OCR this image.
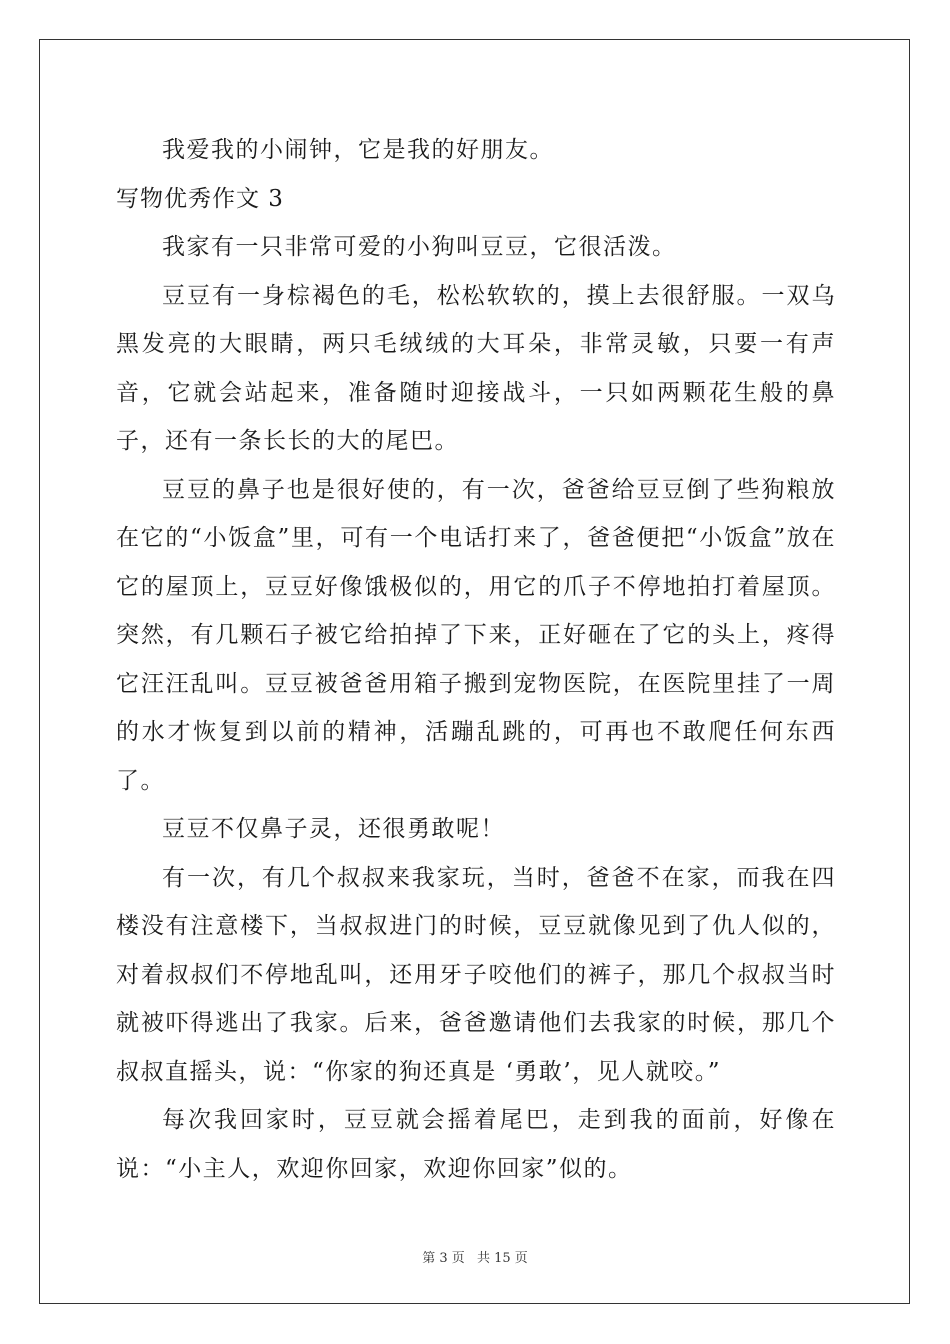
我爱我的小闹钟，它是我的好朋友。

写物优秀作文 3

我家有一只非常可爱的小狗叫豆豆，它很活泼。

豆豆有一身棕褐色的毛，松松软软的，摸上去很舒服。一双乌黑发亮的大眼睛，两只毛绒绒的大耳朵，非常灵敏，只要一有声音，它就会站起来，准备随时迎接战斗，一只如两颗花生般的鼻子，还有一条长长的大的尾巴。

豆豆的鼻子也是很好使的，有一次，爸爸给豆豆倒了些狗粮放在它的“小饭盒”里，可有一个电话打来了，爸爸便把“小饭盒”放在它的屋顶上，豆豆好像饿极似的，用它的爪子不停地拍打着屋顶。突然，有几颗石子被它给拍掉了下来，正好砸在了它的头上，疼得它汪汪乱叫。豆豆被爸爸用箱子搬到宠物医院，在医院里挂了一周的水才恢复到以前的精神，活蹦乱跳的，可再也不敢爬任何东西了。

豆豆不仅鼻子灵，还很勇敢呢！

有一次，有几个叔叔来我家玩，当时，爸爸不在家，而我在四楼没有注意楼下，当叔叔进门的时候，豆豆就像见到了仇人似的，对着叔叔们不停地乱叫，还用牙子咬他们的裤子，那几个叔叔当时就被吓得逃出了我家。后来，爸爸邀请他们去我家的时候，那几个叔叔直摇头，说：“你家的狗还真是 ‘勇敢’，见人就咬。”

每次我回家时，豆豆就会摇着尾巴，走到我的面前，好像在说：“小主人，欢迎你回家，欢迎你回家”似的。

第 3 页 共 15 页
